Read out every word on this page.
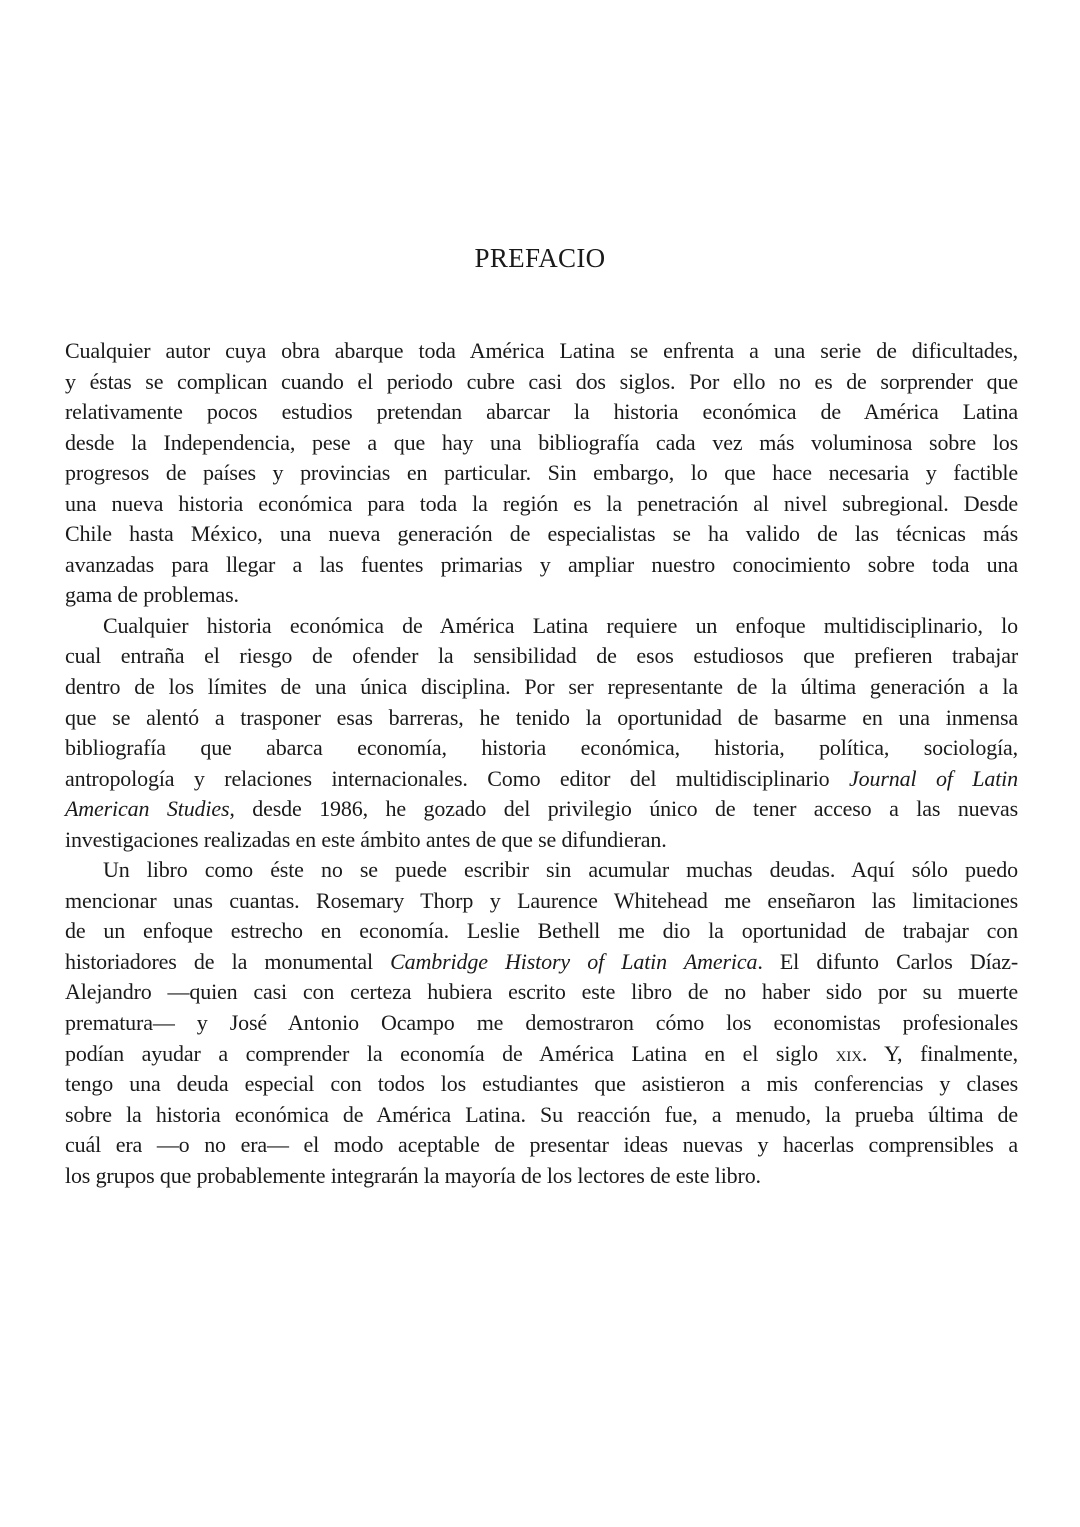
PREFACIO
Cualquier autor cuya obra abarque toda América Latina se enfrenta a una serie de dificultades,
y éstas se complican cuando el periodo cubre casi dos siglos. Por ello no es de sorprender que
relativamente pocos estudios pretendan abarcar la historia económica de América Latina
desde la Independencia, pese a que hay una bibliografía cada vez más voluminosa sobre los
progresos de países y provincias en particular. Sin embargo, lo que hace necesaria y factible
una nueva historia económica para toda la región es la penetración al nivel subregional. Desde
Chile hasta México, una nueva generación de especialistas se ha valido de las técnicas más
avanzadas para llegar a las fuentes primarias y ampliar nuestro conocimiento sobre toda una
gama de problemas.
Cualquier historia económica de América Latina requiere un enfoque multidisciplinario, lo
cual entraña el riesgo de ofender la sensibilidad de esos estudiosos que prefieren trabajar
dentro de los límites de una única disciplina. Por ser representante de la última generación a la
que se alentó a trasponer esas barreras, he tenido la oportunidad de basarme en una inmensa
bibliografía que abarca economía, historia económica, historia, política, sociología,
antropología y relaciones internacionales. Como editor del multidisciplinario Journal of Latin
American Studies, desde 1986, he gozado del privilegio único de tener acceso a las nuevas
investigaciones realizadas en este ámbito antes de que se difundieran.
Un libro como éste no se puede escribir sin acumular muchas deudas. Aquí sólo puedo
mencionar unas cuantas. Rosemary Thorp y Laurence Whitehead me enseñaron las limitaciones
de un enfoque estrecho en economía. Leslie Bethell me dio la oportunidad de trabajar con
historiadores de la monumental Cambridge History of Latin America. El difunto Carlos Díaz-
Alejandro —quien casi con certeza hubiera escrito este libro de no haber sido por su muerte
prematura— y José Antonio Ocampo me demostraron cómo los economistas profesionales
podían ayudar a comprender la economía de América Latina en el siglo xix. Y, finalmente,
tengo una deuda especial con todos los estudiantes que asistieron a mis conferencias y clases
sobre la historia económica de América Latina. Su reacción fue, a menudo, la prueba última de
cuál era —o no era— el modo aceptable de presentar ideas nuevas y hacerlas comprensibles a
los grupos que probablemente integrarán la mayoría de los lectores de este libro.
